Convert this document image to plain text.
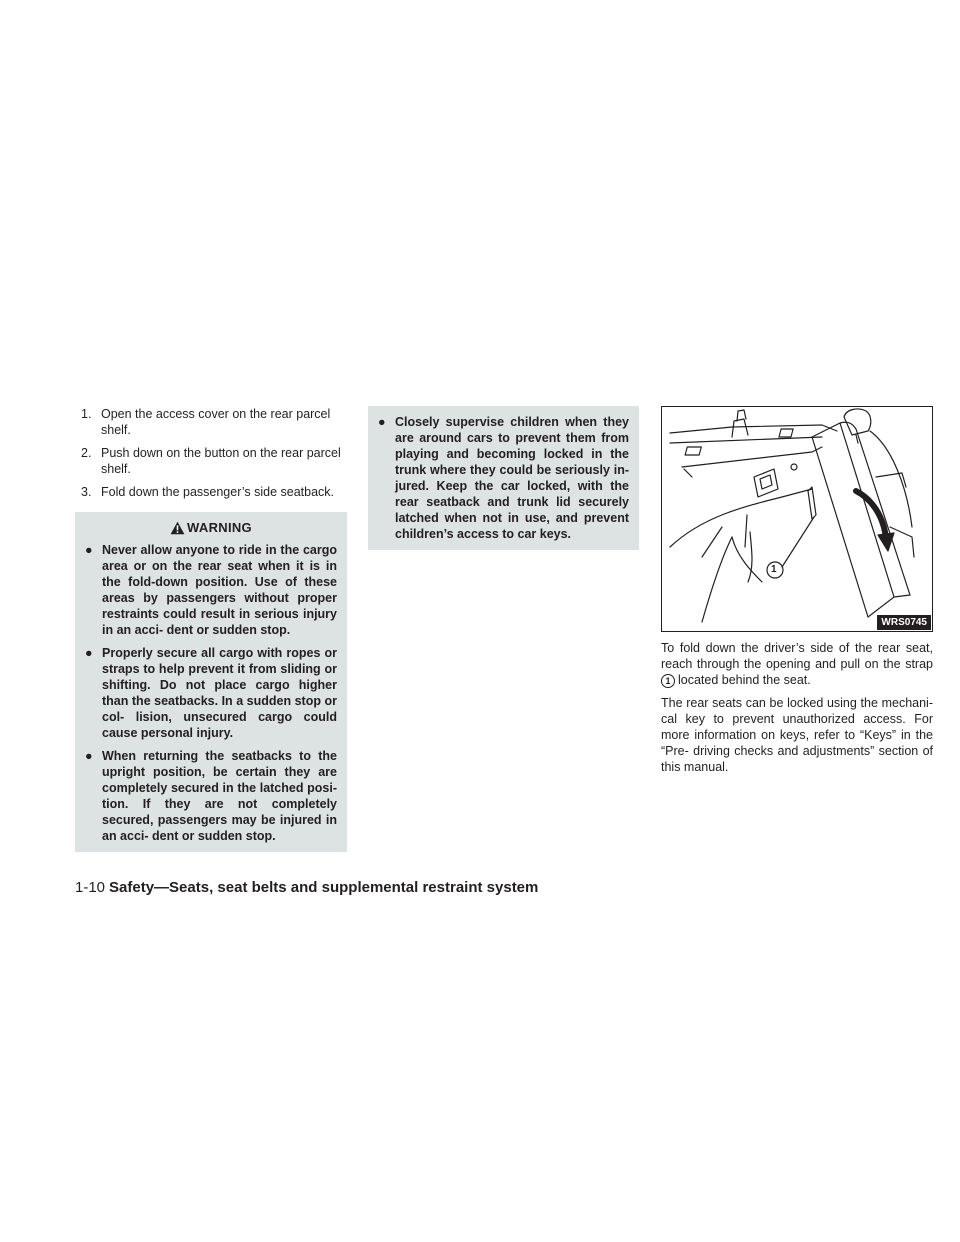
1. Open the access cover on the rear parcel shelf.
2. Push down on the button on the rear parcel shelf.
3. Fold down the passenger’s side seatback.
WARNING

● Never allow anyone to ride in the cargo area or on the rear seat when it is in the fold-down position. Use of these areas by passengers without proper restraints could result in serious injury in an acci- dent or sudden stop.

● Properly secure all cargo with ropes or straps to help prevent it from sliding or shifting. Do not place cargo higher than the seatbacks. In a sudden stop or col- lision, unsecured cargo could cause personal injury.

● When returning the seatbacks to the upright position, be certain they are completely secured in the latched posi- tion. If they are not completely secured, passengers may be injured in an acci- dent or sudden stop.

● Closely supervise children when they are around cars to prevent them from playing and becoming locked in the trunk where they could be seriously in- jured. Keep the car locked, with the rear seatback and trunk lid securely latched when not in use, and prevent children’s access to car keys.

1
WRS0745

To fold down the driver’s side of the rear seat, reach through the opening and pull on the strap 1 located behind the seat.

The rear seats can be locked using the mechani- cal key to prevent unauthorized access. For more information on keys, refer to “Keys” in the “Pre- driving checks and adjustments” section of this manual.

1-10 Safety—Seats, seat belts and supplemental restraint system
